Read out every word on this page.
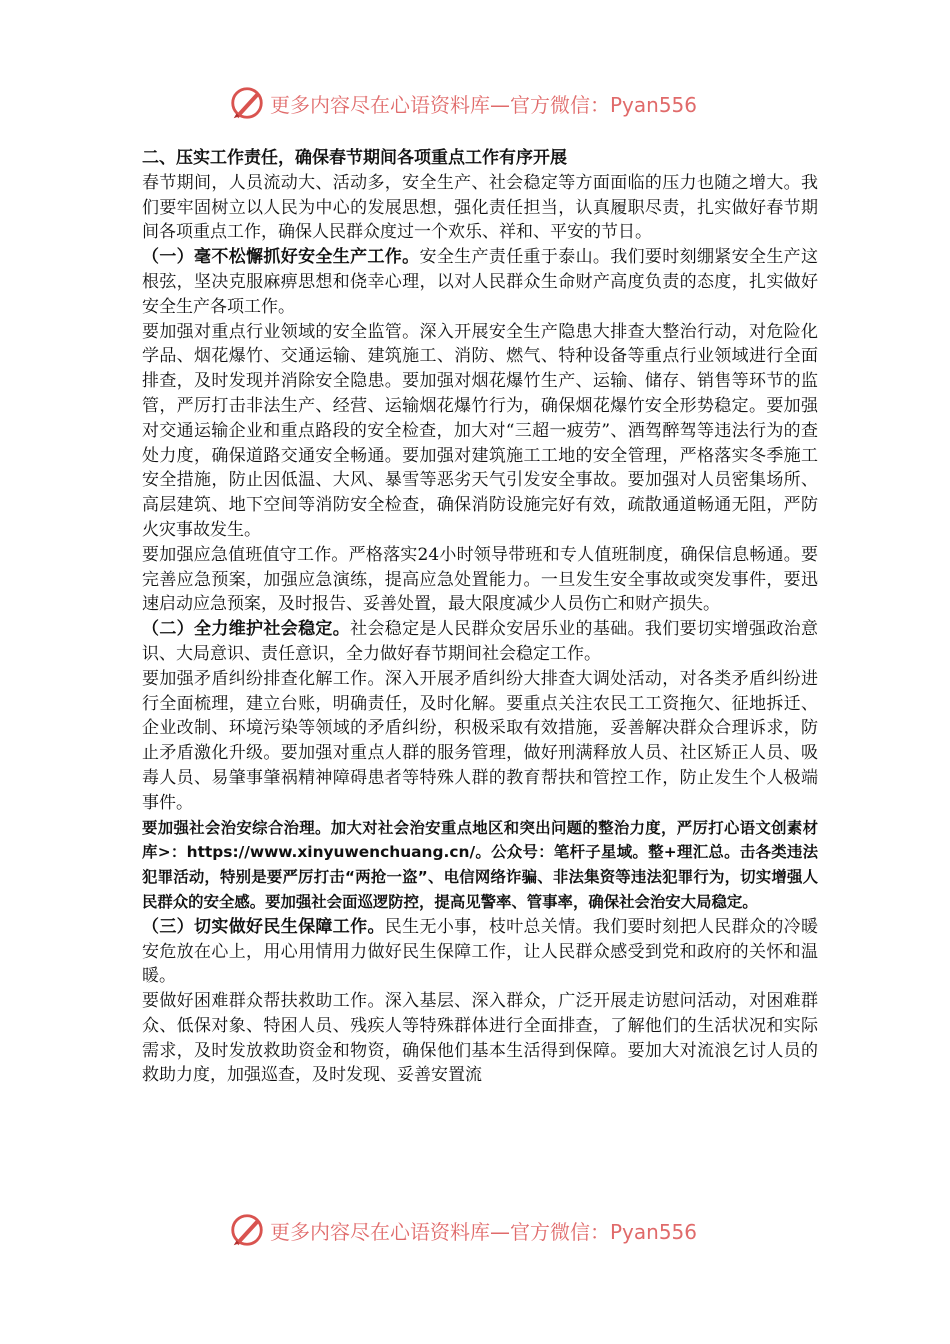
更多内容尽在心语资料库—官方微信：Pyan556

二、压实工作责任，确保春节期间各项重点工作有序开展

春节期间，人员流动大、活动多，安全生产、社会稳定等方面面临的压力也随之增大。我们要牢固树立以人民为中心的发展思想，强化责任担当，认真履职尽责，扎实做好春节期间各项重点工作，确保人民群众度过一个欢乐、祥和、平安的节日。

（一）毫不松懈抓好安全生产工作。安全生产责任重于泰山。我们要时刻绷紧安全生产这根弦，坚决克服麻痹思想和侥幸心理，以对人民群众生命财产高度负责的态度，扎实做好安全生产各项工作。

要加强对重点行业领域的安全监管。深入开展安全生产隐患大排查大整治行动，对危险化学品、烟花爆竹、交通运输、建筑施工、消防、燃气、特种设备等重点行业领域进行全面排查，及时发现并消除安全隐患。要加强对烟花爆竹生产、运输、储存、销售等环节的监管，严厉打击非法生产、经营、运输烟花爆竹行为，确保烟花爆竹安全形势稳定。要加强对交通运输企业和重点路段的安全检查，加大对“三超一疲劳”、酒驾醉驾等违法行为的查处力度，确保道路交通安全畅通。要加强对建筑施工工地的安全管理，严格落实冬季施工安全措施，防止因低温、大风、暴雪等恶劣天气引发安全事故。要加强对人员密集场所、高层建筑、地下空间等消防安全检查，确保消防设施完好有效，疏散通道畅通无阻，严防火灾事故发生。

要加强应急值班值守工作。严格落实24小时领导带班和专人值班制度，确保信息畅通。要完善应急预案，加强应急演练，提高应急处置能力。一旦发生安全事故或突发事件，要迅速启动应急预案，及时报告、妥善处置，最大限度减少人员伤亡和财产损失。

（二）全力维护社会稳定。社会稳定是人民群众安居乐业的基础。我们要切实增强政治意识、大局意识、责任意识，全力做好春节期间社会稳定工作。

要加强矛盾纠纷排查化解工作。深入开展矛盾纠纷大排查大调处活动，对各类矛盾纠纷进行全面梳理，建立台账，明确责任，及时化解。要重点关注农民工工资拖欠、征地拆迁、企业改制、环境污染等领域的矛盾纠纷，积极采取有效措施，妥善解决群众合理诉求，防止矛盾激化升级。要加强对重点人群的服务管理，做好刑满释放人员、社区矫正人员、吸毒人员、易肇事肇祸精神障碍患者等特殊人群的教育帮扶和管控工作，防止发生个人极端事件。

要加强社会治安综合治理。加大对社会治安重点地区和突出问题的整治力度，严厉打心语文创素材库>：https://www.xinyuwenchuang.cn/。公众号：笔杆子星域。整+理汇总。击各类违法犯罪活动，特别是要严厉打击“两抢一盗”、电信网络诈骗、非法集资等违法犯罪行为，切实增强人民群众的安全感。要加强社会面巡逻防控，提高见警率、管事率，确保社会治安大局稳定。

（三）切实做好民生保障工作。民生无小事，枝叶总关情。我们要时刻把人民群众的冷暖安危放在心上，用心用情用力做好民生保障工作，让人民群众感受到党和政府的关怀和温暖。

要做好困难群众帮扶救助工作。深入基层、深入群众，广泛开展走访慰问活动，对困难群众、低保对象、特困人员、残疾人等特殊群体进行全面排查，了解他们的生活状况和实际需求，及时发放救助资金和物资，确保他们基本生活得到保障。要加大对流浪乞讨人员的救助力度，加强巡查，及时发现、妥善安置流

更多内容尽在心语资料库—官方微信：Pyan556
